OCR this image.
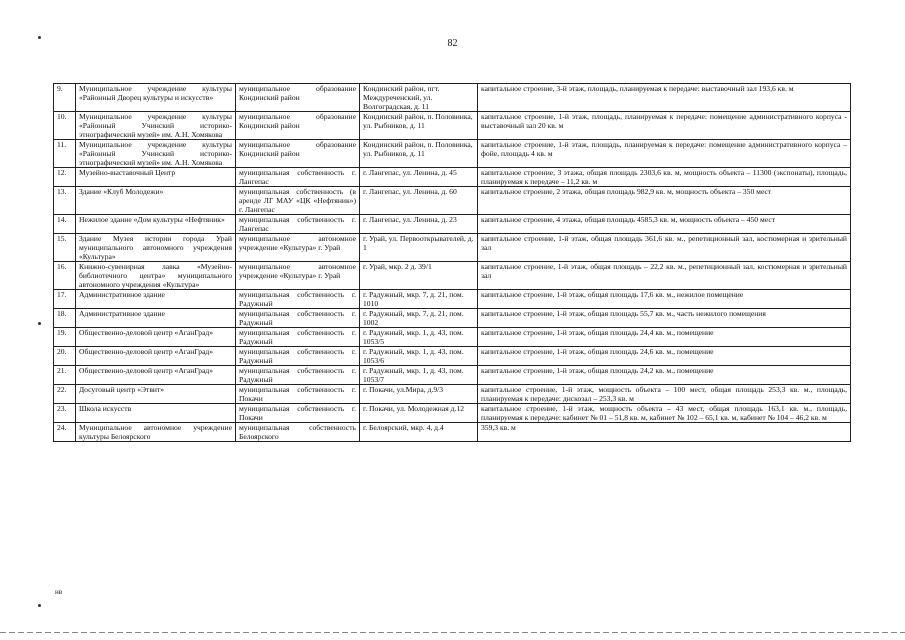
82
9.	Муниципальное учреждение культуры «Районный Дворец культуры и искусств»	муниципальное образование Кондинский район	Кондинский район, пгт. Междуреченский, ул. Волгоградская, д. 11	капитальное строение, 3-й этаж, площадь, планируемая к передаче: выставочный зал 193,6 кв. м
10.	Муниципальное учреждение культуры «Районный Учинский историко-этнографический музей» им. А.Н. Хомякова	муниципальное образование Кондинский район	Кондинский район, п. Половинка, ул. Рыбников, д. 11	капитальное строение, 1-й этаж, площадь, планируемая к передаче: помещение административного корпуса - выставочный зал 20 кв. м
11.	Муниципальное учреждение культуры «Районный Учинский историко-этнографический музей» им. А.Н. Хомякова	муниципальное образование Кондинский район	Кондинский район, п. Половинка, ул. Рыбников, д. 11	капитальное строение, 1-й этаж, площадь, планируемая к передаче: помещение административного корпуса – фойе, площадь 4 кв. м
12.	Музейно-выставочный Центр	муниципальная собственность г. Лангепас	г. Лангепас, ул. Ленина, д. 45	капитальное строение, 3 этажа, общая площадь 2303,6 кв. м, мощность объекта – 11300 (экспонаты), площадь, планируемая к передаче – 11,2 кв. м
13.	Здание «Клуб Молодежи»	муниципальная собственность (в аренде ЛГ МАУ «ЦК «Нефтяник») г. Лангепас	г. Лангепас, ул. Ленина, д. 60	капитальное строение, 2 этажа, общая площадь 982,9 кв. м, мощность объекта – 350 мест
14.	Нежилое здание «Дом культуры «Нефтяник»	муниципальная собственность г. Лангепас	г. Лангепас, ул. Ленина, д. 23	капитальное строение, 4 этажа, общая площадь 4585,3 кв. м, мощность объекта – 450 мест
15.	Здание Музея истории города Урай муниципального автономного учреждения «Культура»	муниципальное автономное учреждение «Культура» г. Урай	г. Урай, ул. Первооткрывателей, д. 1	капитальное строение, 1-й этаж, общая площадь 361,6 кв. м., репетиционный зал, костюмерная и зрительный зал
16.	Книжно-сувенирная лавка «Музейно-библиотечного центра» муниципального автономного учреждения «Культура»	муниципальное автономное учреждение «Культура» г. Урай	г. Урай, мкр. 2 д. 39/1	капитальное строение, 1-й этаж, общая площадь – 22,2 кв. м., репетиционный зал, костюмерная и зрительный зал
17.	Административное здание	муниципальная собственность г. Радужный	г. Радужный, мкр. 7, д. 21, пом. 1010	капитальное строение, 1-й этаж, общая площадь 17,6 кв. м., нежилое помещение
18.	Административное здание	муниципальная собственность г. Радужный	г. Радужный, мкр. 7, д. 21, пом. 1002	капитальное строение, 1-й этаж, общая площадь 55,7 кв. м., часть нежилого помещения
19.	Общественно-деловой центр «АганГрад»	муниципальная собственность г. Радужный	г. Радужный, мкр. 1, д. 43, пом. 1053/5	капитальное строение, 1-й этаж, общая площадь 24,4 кв. м., помещение
20.	Общественно-деловой центр «АганГрад»	муниципальная собственность г. Радужный	г. Радужный, мкр. 1, д. 43, пом. 1053/6	капитальное строение, 1-й этаж, общая площадь 24,6 кв. м., помещение
21.	Общественно-деловой центр «АганГрад»	муниципальная собственность г. Радужный	г. Радужный, мкр. 1, д. 43, пом. 1053/7	капитальное строение, 1-й этаж, общая площадь 24,2 кв. м., помещение
22.	Досуговый центр «Этвит»	муниципальная собственность г. Покачи	г. Покачи, ул.Мира, д.9/3	капитальное строение, 1-й этаж, мощность объекта – 100 мест, общая площадь 253,3 кв. м., площадь, планируемая к передаче: днскозал – 253,3 кв. м
23.	Школа искусств	муниципальная собственность г. Покачи	г. Покачи, ул. Молодежная д.12	капитальное строение, 1-й этаж, мощность объекта – 43 мест, общая площадь 163,1 кв. м., площадь, планируемая к передаче: кабинет № 01 – 51,8 кв. м, кабинет № 102 – 65,1 кв. м, кабинет № 104 – 46,2 кв. м
24.	Муниципальное автономное учреждение культуры Белоярского	муниципальная собственность Белоярского	г. Белоярский, мкр. 4, д.4	359,3 кв. м
нв
